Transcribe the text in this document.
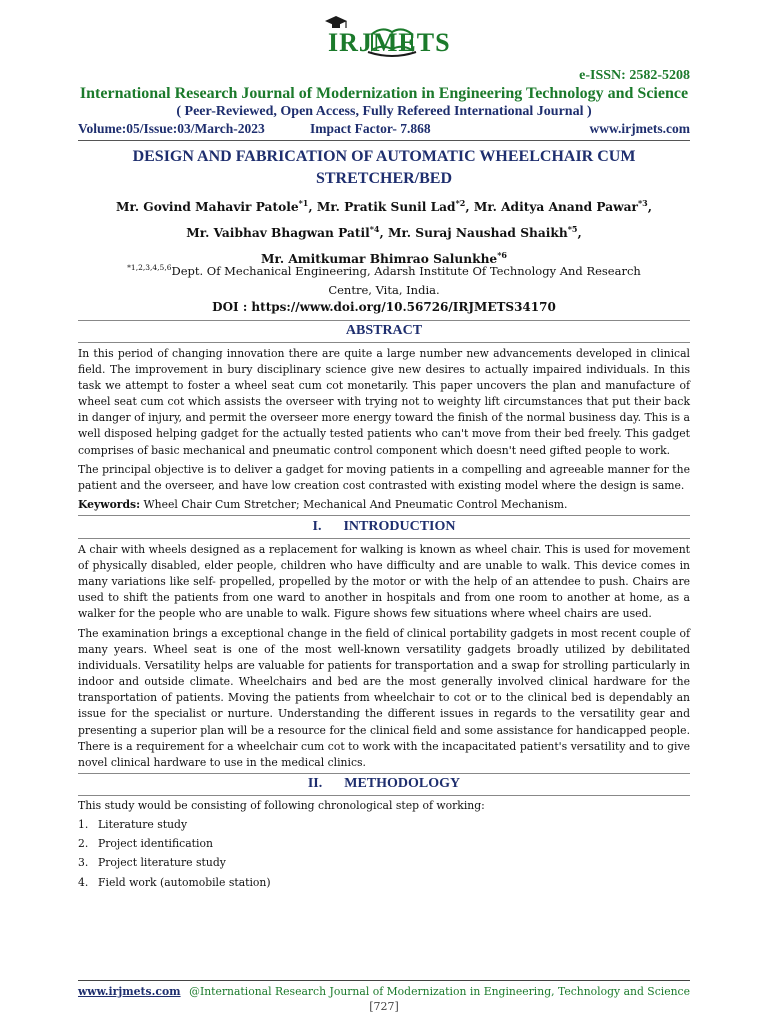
IRJMETS
e-ISSN: 2582-5208
International Research Journal of Modernization in Engineering Technology and Science
( Peer-Reviewed, Open Access, Fully Refereed International Journal )
Volume:05/Issue:03/March-2023	Impact Factor- 7.868	www.irjmets.com
DESIGN AND FABRICATION OF AUTOMATIC WHEELCHAIR CUM
STRETCHER/BED
Mr. Govind Mahavir Patole$^{*1}$, Mr. Pratik Sunil Lad$^{*2}$, Mr. Aditya Anand Pawar$^{*3}$,
Mr. Vaibhav Bhagwan Patil$^{*4}$, Mr. Suraj Naushad Shaikh$^{*5}$,
Mr. Amitkumar Bhimrao Salunkhe$^{*6}$
$^{*1,2,3,4,5,6}$Dept. Of Mechanical Engineering, Adarsh Institute Of Technology And Research
Centre, Vita, India.
DOI : https://www.doi.org/10.56726/IRJMETS34170
ABSTRACT

In this period of changing innovation there are quite a large number new advancements developed in clinical field. The improvement in bury disciplinary science give new desires to actually impaired individuals. In this task we attempt to foster a wheel seat cum cot monetarily. This paper uncovers the plan and manufacture of wheel seat cum cot which assists the overseer with trying not to weighty lift circumstances that put their back in danger of injury, and permit the overseer more energy toward the finish of the normal business day. This is a well disposed helping gadget for the actually tested patients who can't move from their bed freely. This gadget comprises of basic mechanical and pneumatic control component which doesn't need gifted people to work.

The principal objective is to deliver a gadget for moving patients in a compelling and agreeable manner for the patient and the overseer, and have low creation cost contrasted with existing model where the design is same.

Keywords: Wheel Chair Cum Stretcher; Mechanical And Pneumatic Control Mechanism.
I. INTRODUCTION

A chair with wheels designed as a replacement for walking is known as wheel chair. This is used for movement of physically disabled, elder people, children who have difficulty and are unable to walk. This device comes in many variations like self- propelled, propelled by the motor or with the help of an attendee to push. Chairs are used to shift the patients from one ward to another in hospitals and from one room to another at home, as a walker for the people who are unable to walk. Figure shows few situations where wheel chairs are used.

The examination brings a exceptional change in the field of clinical portability gadgets in most recent couple of many years. Wheel seat is one of the most well-known versatility gadgets broadly utilized by debilitated individuals. Versatility helps are valuable for patients for transportation and a swap for strolling particularly in indoor and outside climate. Wheelchairs and bed are the most generally involved clinical hardware for the transportation of patients. Moving the patients from wheelchair to cot or to the clinical bed is dependably an issue for the specialist or nurture. Understanding the different issues in regards to the versatility gear and presenting a superior plan will be a resource for the clinical field and some assistance for handicapped people. There is a requirement for a wheelchair cum cot to work with the incapacitated patient's versatility and to give novel clinical hardware to use in the medical clinics.

II. METHODOLOGY

This study would be consisting of following chronological step of working:

1. Literature study
2. Project identification
3. Project literature study
4. Field work (automobile station)
www.irjmets.com @International Research Journal of Modernization in Engineering, Technology and Science
[727]
